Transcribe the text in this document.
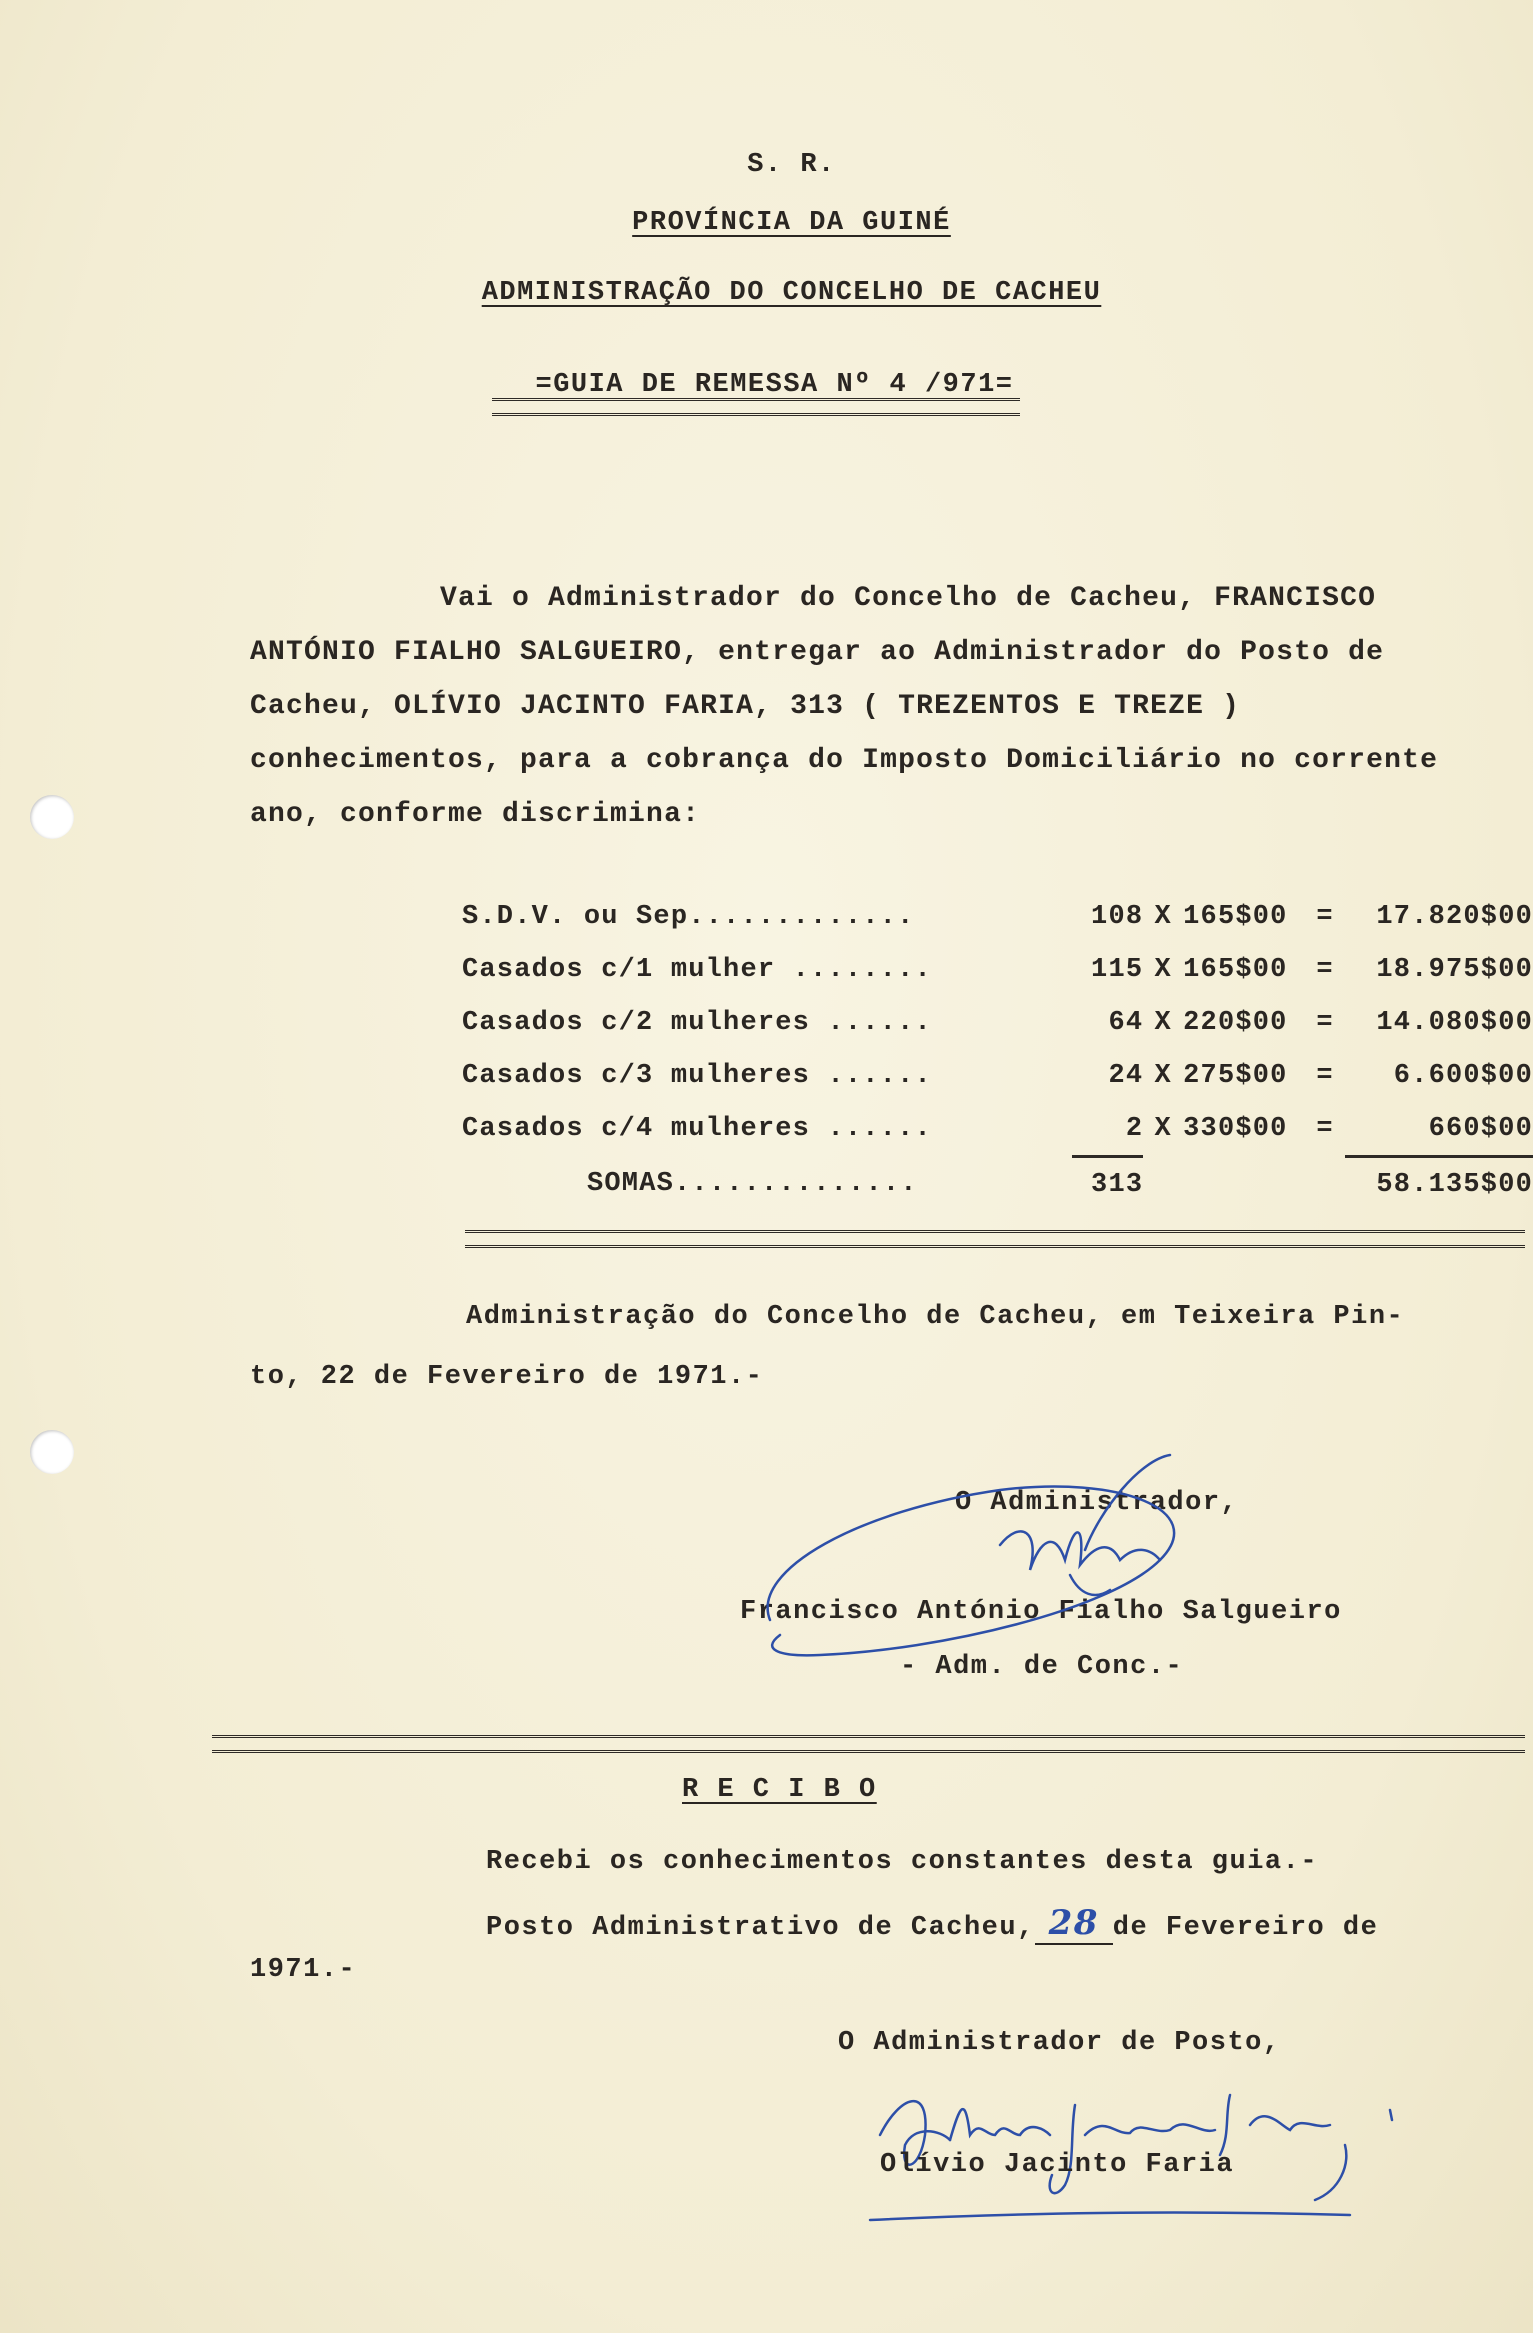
S. R.
PROVÍNCIA DA GUINÉ
ADMINISTRAÇÃO DO CONCELHO DE CACHEU
=GUIA DE REMESSA Nº 4 /971=
Vai o Administrador do Concelho de Cacheu, FRANCISCO ANTÓNIO FIALHO SALGUEIRO, entregar ao Administrador do Posto de Cacheu, OLÍVIO JACINTO FARIA, 313 ( TREZENTOS E TREZE ) conhecimentos, para a cobrança do Imposto Domiciliário no corrente ano, conforme discrimina:
S.D.V. ou Sep.............	108	X	165$00	=	17.820$00
Casados c/1 mulher ........	115	X	165$00	=	18.975$00
Casados c/2 mulheres ......	64	X	220$00	=	14.080$00
Casados c/3 mulheres ......	24	X	275$00	=	6.600$00
Casados c/4 mulheres ......	2	X	330$00	=	660$00
SOMAS..............	313				58.135$00
Administração do Concelho de Cacheu, em Teixeira Pin-
to, 22 de Fevereiro de 1971.-
O Administrador,
Francisco António Fialho Salgueiro
- Adm. de Conc.-
R E C I B O
Recebi os conhecimentos constantes desta guia.-
Posto Administrativo de Cacheu, 28 de Fevereiro de
1971.-
O Administrador de Posto,
Olívio Jacinto Faria
